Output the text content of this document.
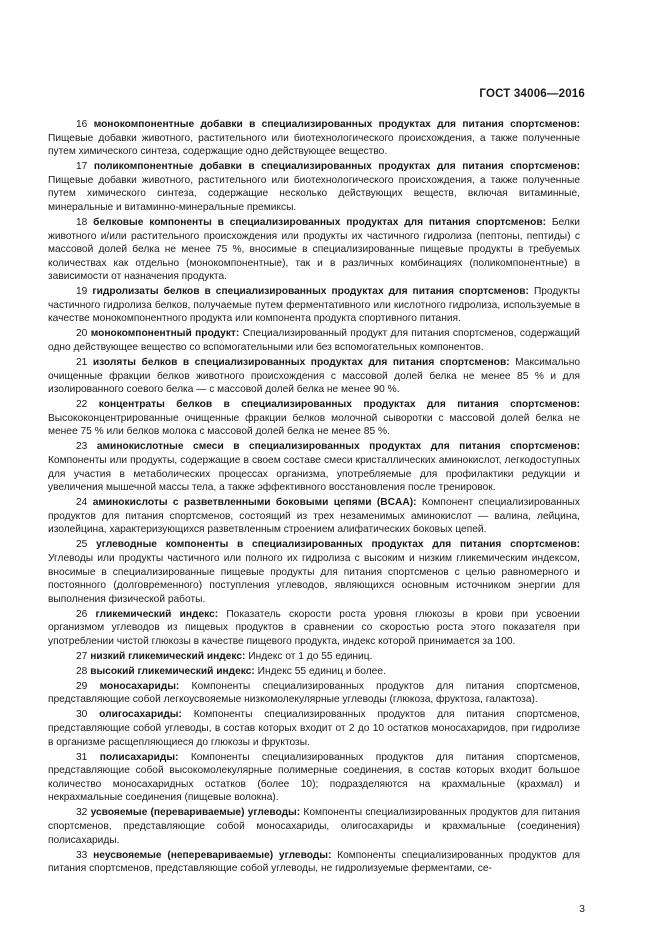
ГОСТ 34006—2016

16 монокомпонентные добавки в специализированных продуктах для питания спортсменов: Пищевые добавки животного, растительного или биотехнологического происхождения, а также полученные путем химического синтеза, содержащие одно действующее вещество.

17 поликомпонентные добавки в специализированных продуктах для питания спортсменов: Пищевые добавки животного, растительного или биотехнологического происхождения, а также полученные путем химического синтеза, содержащие несколько действующих веществ, включая витаминные, минеральные и витаминно-минеральные премиксы.

18 белковые компоненты в специализированных продуктах для питания спортсменов: Белки животного и/или растительного происхождения или продукты их частичного гидролиза (пептоны, пептиды) с массовой долей белка не менее 75 %, вносимые в специализированные пищевые продукты в требуемых количествах как отдельно (монокомпонентные), так и в различных комбинациях (поликомпонентные) в зависимости от назначения продукта.

19 гидролизаты белков в специализированных продуктах для питания спортсменов: Продукты частичного гидролиза белков, получаемые путем ферментативного или кислотного гидролиза, используемые в качестве монокомпонентного продукта или компонента продукта спортивного питания.

20 монокомпонентный продукт: Специализированный продукт для питания спортсменов, содержащий одно действующее вещество со вспомогательными или без вспомогательных компонентов.

21 изоляты белков в специализированных продуктах для питания спортсменов: Максимально очищенные фракции белков животного происхождения с массовой долей белка не менее 85 % и для изолированного соевого белка — с массовой долей белка не менее 90 %.

22 концентраты белков в специализированных продуктах для питания спортсменов: Высококонцентрированные очищенные фракции белков молочной сыворотки с массовой долей белка не менее 75 % или белков молока с массовой долей белка не менее 85 %.

23 аминокислотные смеси в специализированных продуктах для питания спортсменов: Компоненты или продукты, содержащие в своем составе смеси кристаллических аминокислот, легкодоступных для участия в метаболических процессах организма, употребляемые для профилактики редукции и увеличения мышечной массы тела, а также эффективного восстановления после тренировок.

24 аминокислоты с разветвленными боковыми цепями (BCAA): Компонент специализированных продуктов для питания спортсменов, состоящий из трех незаменимых аминокислот — валина, лейцина, изолейцина, характеризующихся разветвленным строением алифатических боковых цепей.

25 углеводные компоненты в специализированных продуктах для питания спортсменов: Углеводы или продукты частичного или полного их гидролиза с высоким и низким гликемическим индексом, вносимые в специализированные пищевые продукты для питания спортсменов с целью равномерного и постоянного (долговременного) поступления углеводов, являющихся основным источником энергии для выполнения физической работы.

26 гликемический индекс: Показатель скорости роста уровня глюкозы в крови при усвоении организмом углеводов из пищевых продуктов в сравнении со скоростью роста этого показателя при употреблении чистой глюкозы в качестве пищевого продукта, индекс которой принимается за 100.

27 низкий гликемический индекс: Индекс от 1 до 55 единиц.

28 высокий гликемический индекс: Индекс 55 единиц и более.

29 моносахариды: Компоненты специализированных продуктов для питания спортсменов, представляющие собой легкоусвояемые низкомолекулярные углеводы (глюкоза, фруктоза, галактоза).

30 олигосахариды: Компоненты специализированных продуктов для питания спортсменов, представляющие собой углеводы, в состав которых входит от 2 до 10 остатков моносахаридов, при гидролизе в организме расщепляющиеся до глюкозы и фруктозы.

31 полисахариды: Компоненты специализированных продуктов для питания спортсменов, представляющие собой высокомолекулярные полимерные соединения, в состав которых входит большое количество моносахаридных остатков (более 10); подразделяются на крахмальные (крахмал) и некрахмальные соединения (пищевые волокна).

32 усвояемые (перевариваемые) углеводы: Компоненты специализированных продуктов для питания спортсменов, представляющие собой моносахариды, олигосахариды и крахмальные (соединения) полисахариды.

33 неусвояемые (неперевариваемые) углеводы: Компоненты специализированных продуктов для питания спортсменов, представляющие собой углеводы, не гидролизуемые ферментами, се-

3
